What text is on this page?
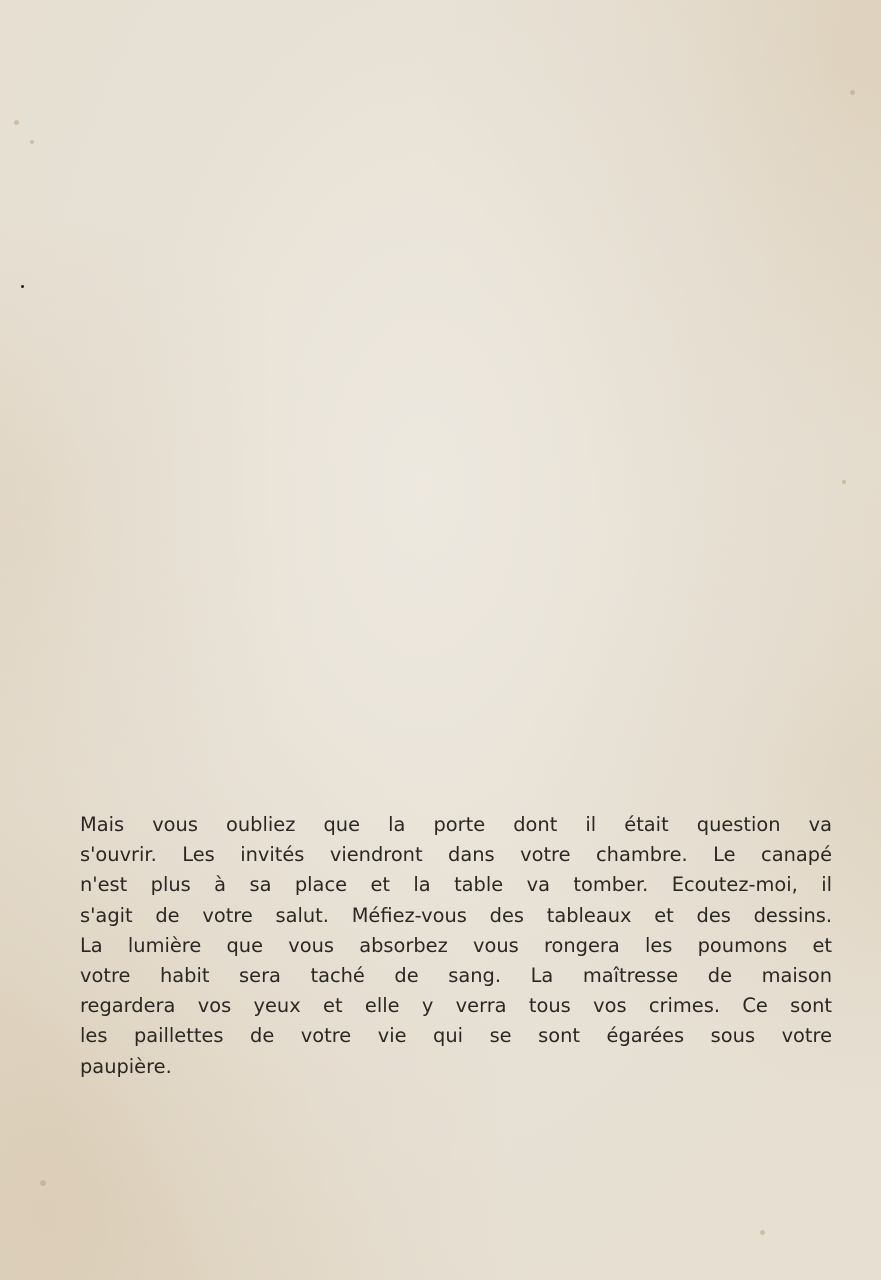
Mais vous oubliez que la porte dont il était question va
s'ouvrir. Les invités viendront dans votre chambre. Le canapé
n'est plus à sa place et la table va tomber. Ecoutez-moi, il
s'agit de votre salut. Méfiez-vous des tableaux et des dessins.
La lumière que vous absorbez vous rongera les poumons et
votre habit sera taché de sang. La maîtresse de maison
regardera vos yeux et elle y verra tous vos crimes. Ce sont
les paillettes de votre vie qui se sont égarées sous votre
paupière.
